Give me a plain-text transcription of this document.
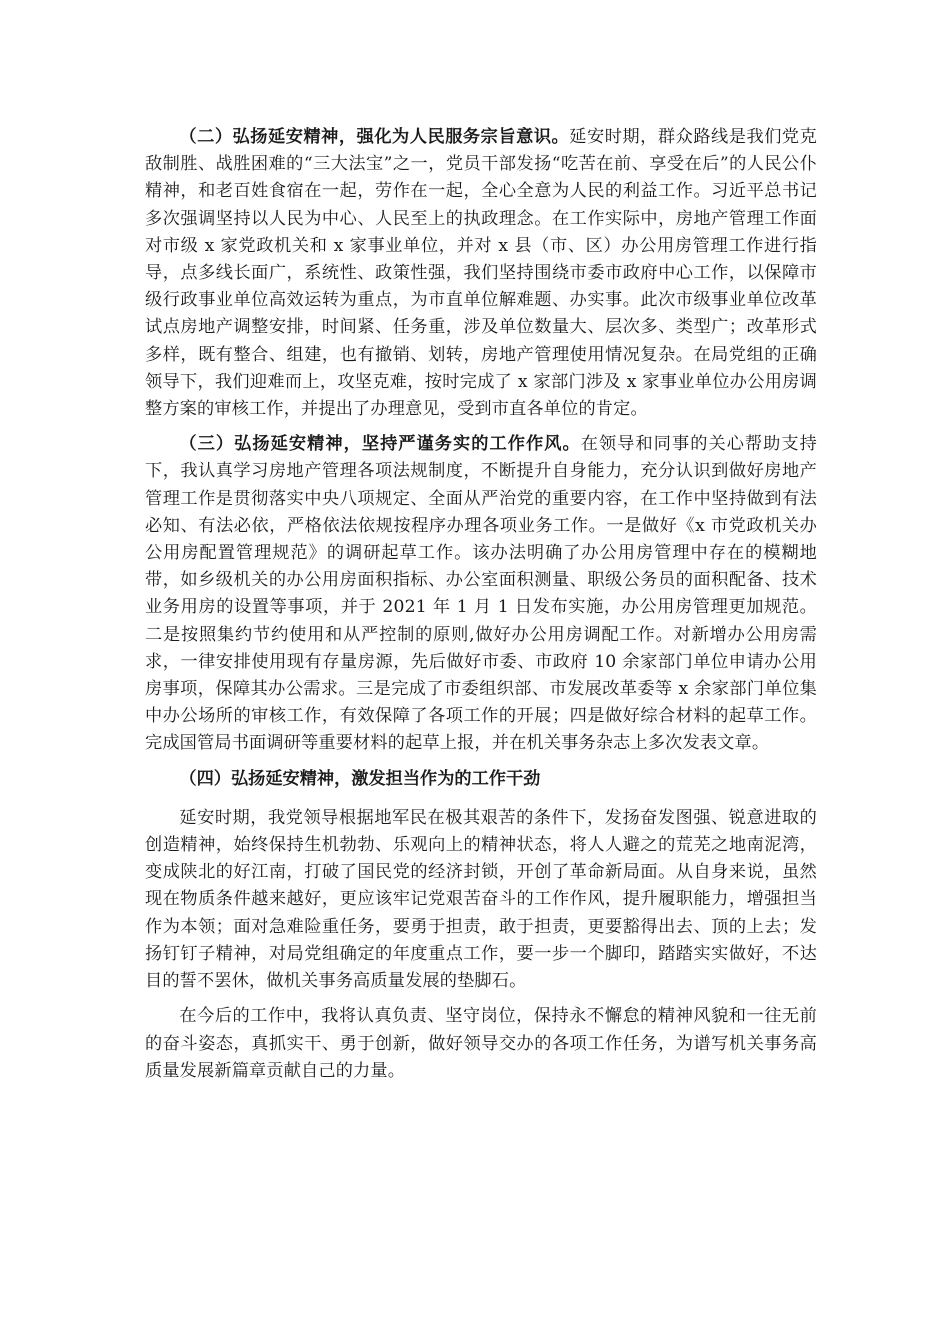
（二）弘扬延安精神，强化为人民服务宗旨意识。延安时期，群众路线是我们党克敌制胜、战胜困难的“三大法宝”之一，党员干部发扬“吃苦在前、享受在后”的人民公仆精神，和老百姓食宿在一起，劳作在一起，全心全意为人民的利益工作。习近平总书记多次强调坚持以人民为中心、人民至上的执政理念。在工作实际中，房地产管理工作面对市级 x 家党政机关和 x 家事业单位，并对 x 县（市、区）办公用房管理工作进行指导，点多线长面广，系统性、政策性强，我们坚持围绕市委市政府中心工作，以保障市级行政事业单位高效运转为重点，为市直单位解难题、办实事。此次市级事业单位改革试点房地产调整安排，时间紧、任务重，涉及单位数量大、层次多、类型广；改革形式多样，既有整合、组建，也有撤销、划转，房地产管理使用情况复杂。在局党组的正确领导下，我们迎难而上，攻坚克难，按时完成了 x 家部门涉及 x 家事业单位办公用房调整方案的审核工作，并提出了办理意见，受到市直各单位的肯定。

（三）弘扬延安精神，坚持严谨务实的工作作风。在领导和同事的关心帮助支持下，我认真学习房地产管理各项法规制度，不断提升自身能力，充分认识到做好房地产管理工作是贯彻落实中央八项规定、全面从严治党的重要内容，在工作中坚持做到有法必知、有法必依，严格依法依规按程序办理各项业务工作。一是做好《x 市党政机关办公用房配置管理规范》的调研起草工作。该办法明确了办公用房管理中存在的模糊地带，如乡级机关的办公用房面积指标、办公室面积测量、职级公务员的面积配备、技术业务用房的设置等事项，并于 2021 年 1 月 1 日发布实施，办公用房管理更加规范。二是按照集约节约使用和从严控制的原则,做好办公用房调配工作。对新增办公用房需求，一律安排使用现有存量房源，先后做好市委、市政府 10 余家部门单位申请办公用房事项，保障其办公需求。三是完成了市委组织部、市发展改革委等 x 余家部门单位集中办公场所的审核工作，有效保障了各项工作的开展；四是做好综合材料的起草工作。完成国管局书面调研等重要材料的起草上报，并在机关事务杂志上多次发表文章。

（四）弘扬延安精神，激发担当作为的工作干劲

延安时期，我党领导根据地军民在极其艰苦的条件下，发扬奋发图强、锐意进取的创造精神，始终保持生机勃勃、乐观向上的精神状态，将人人避之的荒芜之地南泥湾，变成陕北的好江南，打破了国民党的经济封锁，开创了革命新局面。从自身来说，虽然现在物质条件越来越好，更应该牢记党艰苦奋斗的工作作风，提升履职能力，增强担当作为本领；面对急难险重任务，要勇于担责，敢于担责，更要豁得出去、顶的上去；发扬钉钉子精神，对局党组确定的年度重点工作，要一步一个脚印，踏踏实实做好，不达目的誓不罢休，做机关事务高质量发展的垫脚石。

在今后的工作中，我将认真负责、坚守岗位，保持永不懈怠的精神风貌和一往无前的奋斗姿态，真抓实干、勇于创新，做好领导交办的各项工作任务，为谱写机关事务高质量发展新篇章贡献自己的力量。
